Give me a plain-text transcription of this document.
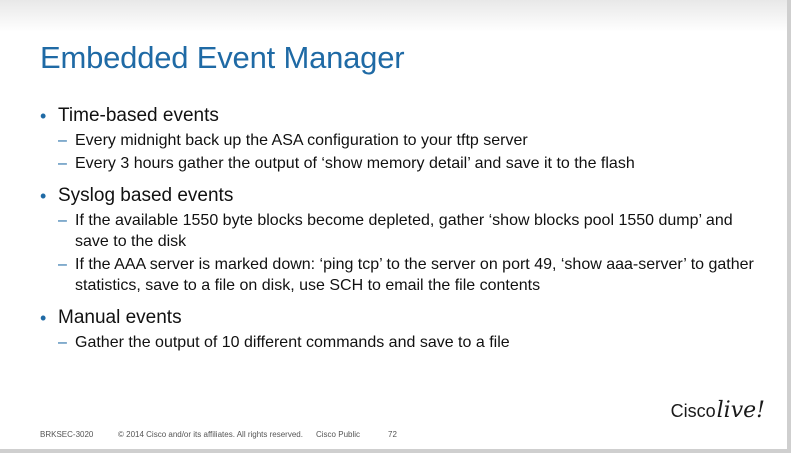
Embedded Event Manager
• Time-based events
– Every midnight back up the ASA configuration to your tftp server
– Every 3 hours gather the output of ‘show memory detail’ and save it to the flash
• Syslog based events
– If the available 1550 byte blocks become depleted, gather ‘show blocks pool 1550 dump’ and save to the disk
– If the AAA server is marked down: ‘ping tcp’ to the server on port 49, ‘show aaa-server’ to gather statistics, save to a file on disk, use SCH to email the file contents
• Manual events
– Gather the output of 10 different commands and save to a file
BRKSEC-3020	© 2014 Cisco and/or its affiliates. All rights reserved. Cisco Public	72
Ciscolive!
